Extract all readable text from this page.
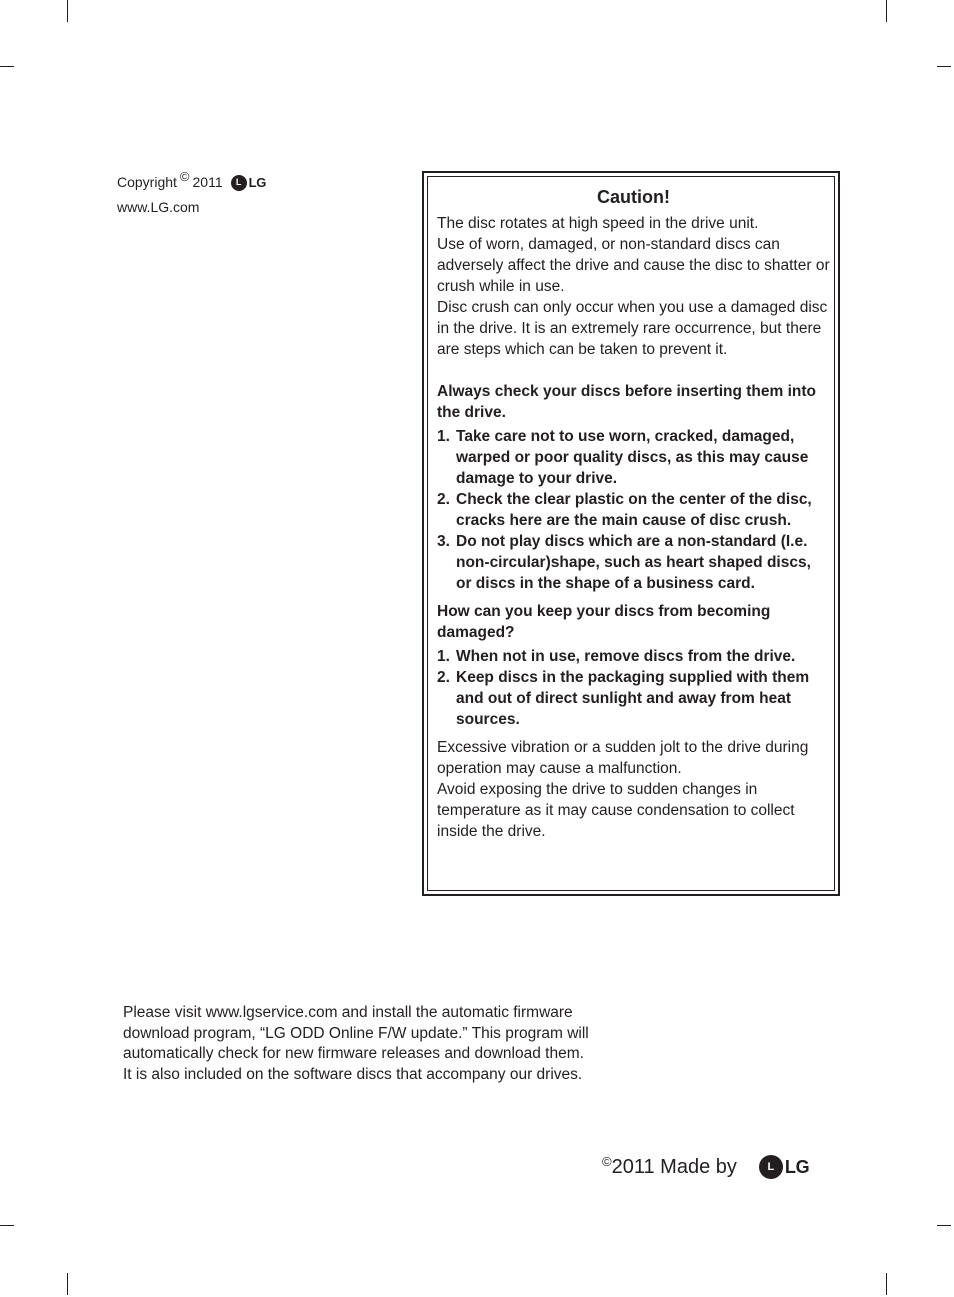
Copyright© 2011	L LG
www.LG.com	Caution!

The disc rotates at high speed in the drive unit.

Use of worn, damaged, or non-standard discs can adversely affect the drive and cause the disc to shatter or crush while in use.

Disc crush can only occur when you use a damaged disc in the drive. It is an extremely rare occurrence, but there are steps which can be taken to prevent it.

Always check your discs before inserting them into the drive.

1. Take care not to use worn, cracked, damaged, warped or poor quality discs, as this may cause damage to your drive.
2. Check the clear plastic on the center of the disc, cracks here are the main cause of disc crush.
3. Do not play discs which are a non-standard (I.e. non-circular)shape, such as heart shaped discs, or discs in the shape of a business card.

How can you keep your discs from becoming damaged?

1. When not in use, remove discs from the drive.
2. Keep discs in the packaging supplied with them and out of direct sunlight and away from heat sources.

Excessive vibration or a sudden jolt to the drive during operation may cause a malfunction.

Avoid exposing the drive to sudden changes in temperature as it may cause condensation to collect inside the drive.

Please visit www.lgservice.com and install the automatic firmware download program, “LG ODD Online F/W update.” This program will automatically check for new firmware releases and download them. It is also included on the software discs that accompany our drives.
© 2011 Made by	L LG
